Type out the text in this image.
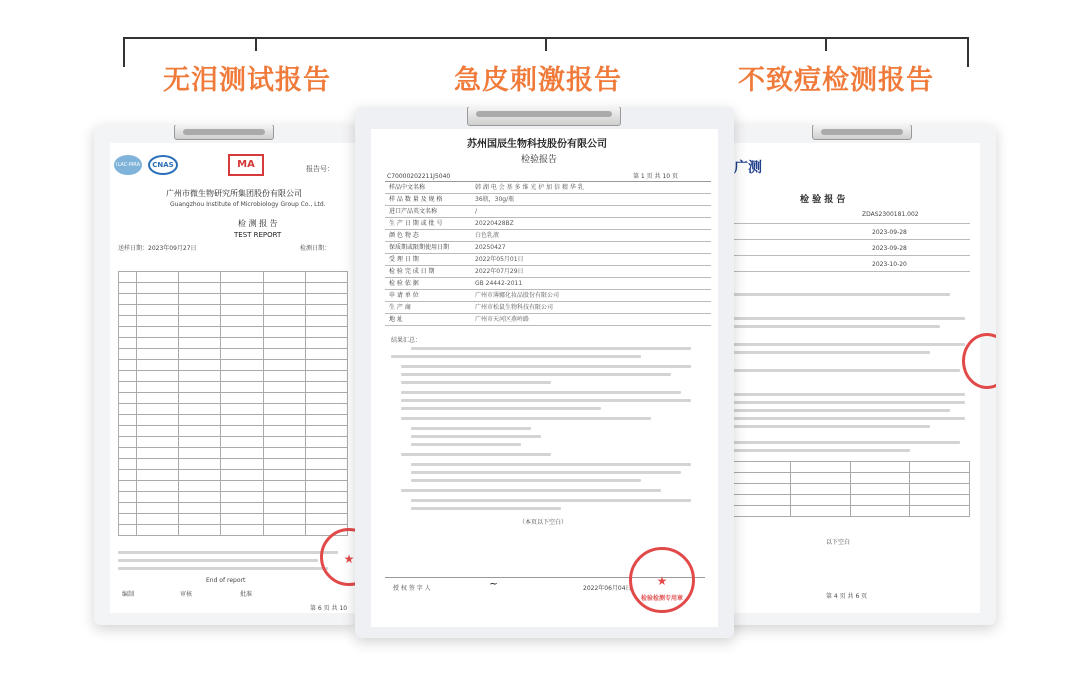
无泪测试报告	急皮刺激报告	不致痘检测报告
ILAC-MRA	CNAS	MA	报告号：
广州市微生物研究所集团股份有限公司
Guangzhou Institute of Microbiology Group Co., Ltd.
检 测 报 告
TEST REPORT
送样日期：2023年09月27日	检测日期：

End of report
编制	审核	批准
★
第 6 页 共 10
广测
检 验 报 告
ZDAS2300181.002
2023-09-28
2023-09-28
2023-10-20

以下空白
第 4 页 共 6 页
苏州国辰生物科技股份有限公司
检验报告
C70000202211J5040	第 1 页 共 10 页
样品中文名称	韩 湖 电 会 基 多 维 光 护 加 倍 精 华 乳
样 品 数 量 及 规 格	36瓶，30g/瓶
进口产品英文名称	/
生 产 日 期 或 批 号	20220428BZ
颜 色 物 态	白色乳液
保质期或限期使用日期	20250427
受 理 日 期	2022年05月01日
检 验 完 成 日 期	2022年07月29日
检 验 依 据	GB 24442-2011
申 请 单 位	广州市薄娜化妆品股份有限公司
生 产 商	广州市松鼠生物科技有限公司
地 址	广州市天河区燕岭路
结果汇总：
（本页以下空白）
授 权 签 字 人	~	2022年06月04日
★
检验检测专用章
